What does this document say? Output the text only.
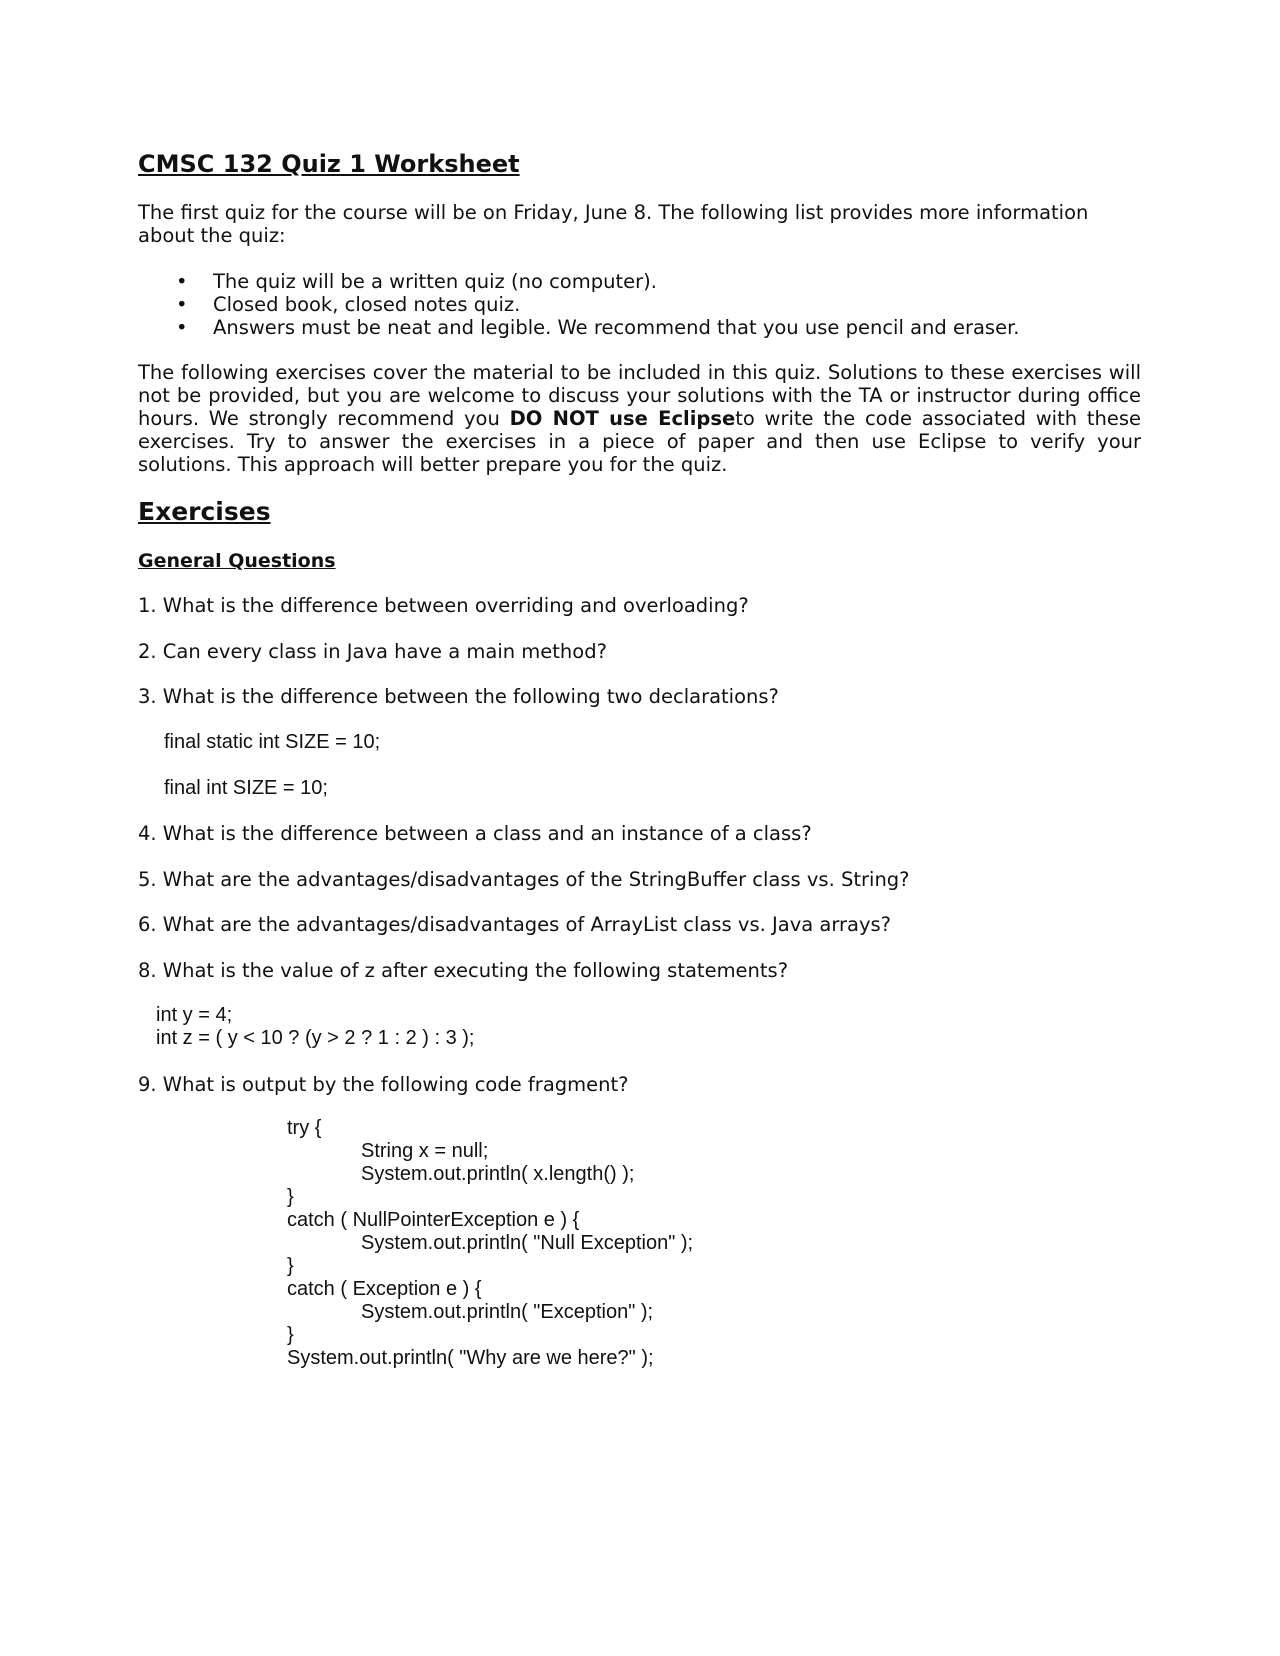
CMSC 132 Quiz 1 Worksheet
The first quiz for the course will be on Friday, June 8. The following list provides more information about the quiz:
• The quiz will be a written quiz (no computer).
• Closed book, closed notes quiz.
• Answers must be neat and legible. We recommend that you use pencil and eraser.
The following exercises cover the material to be included in this quiz. Solutions to these exercises will not be provided, but you are welcome to discuss your solutions with the TA or instructor during office hours. We strongly recommend you DO NOT use Eclipseto write the code associated with these exercises. Try to answer the exercises in a piece of paper and then use Eclipse to verify your solutions. This approach will better prepare you for the quiz.
Exercises
General Questions
1. What is the difference between overriding and overloading?
2. Can every class in Java have a main method?
3. What is the difference between the following two declarations?
final static int SIZE = 10;
final int SIZE = 10;
4. What is the difference between a class and an instance of a class?
5. What are the advantages/disadvantages of the StringBuffer class vs. String?
6. What are the advantages/disadvantages of ArrayList class vs. Java arrays?
8. What is the value of z after executing the following statements?
int y = 4;
int z = ( y < 10 ? (y > 2 ? 1 : 2 ) : 3 );
9. What is output by the following code fragment?
try {
String x = null;
System.out.println( x.length() );
}
catch ( NullPointerException e ) {
System.out.println( "Null Exception" );
}
catch ( Exception e ) {
System.out.println( "Exception" );
}
System.out.println( "Why are we here?" );
